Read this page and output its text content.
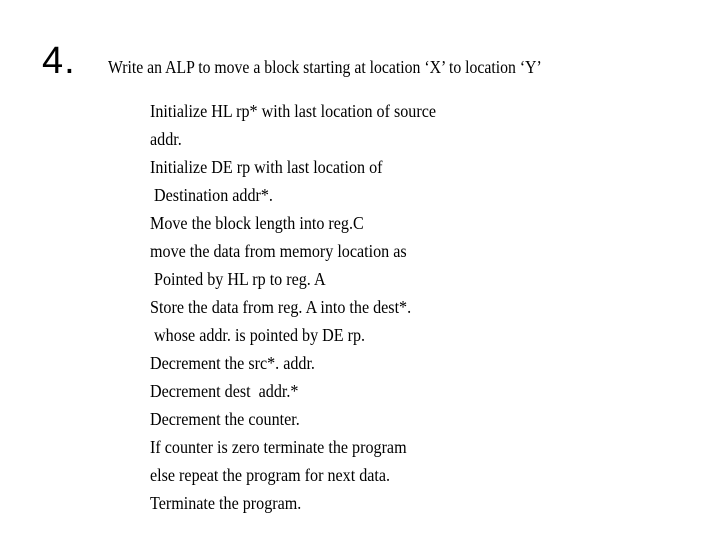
4. Write an ALP to move a block starting at location ‘X’ to location ‘Y’
Initialize HL rp* with last location of source
addr.
Initialize DE rp with last location of
Destination addr*.
Move the block length into reg.C
move the data from memory location as
Pointed by HL rp to reg. A
Store the data from reg. A into the dest*.
whose addr. is pointed by DE rp.
Decrement the src*. addr.
Decrement dest  addr.*
Decrement the counter.
If counter is zero terminate the program
else repeat the program for next data.
Terminate the program.
